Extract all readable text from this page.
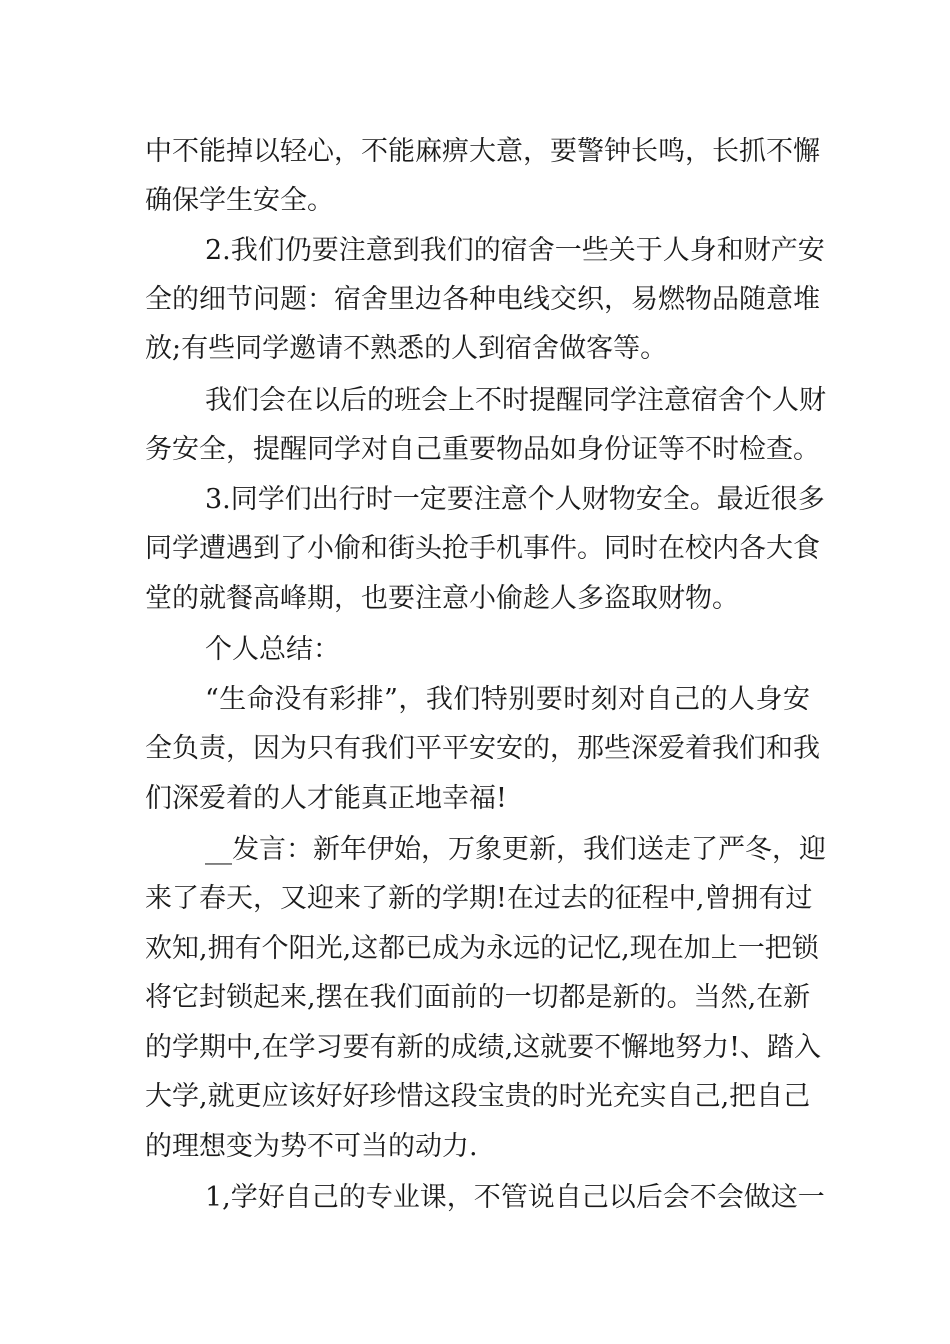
中不能掉以轻心，不能麻痹大意，要警钟长鸣，长抓不懈
确保学生安全。
2.我们仍要注意到我们的宿舍一些关于人身和财产安
全的细节问题：宿舍里边各种电线交织，易燃物品随意堆
放;有些同学邀请不熟悉的人到宿舍做客等。
我们会在以后的班会上不时提醒同学注意宿舍个人财
务安全，提醒同学对自己重要物品如身份证等不时检查。
3.同学们出行时一定要注意个人财物安全。最近很多
同学遭遇到了小偷和街头抢手机事件。同时在校内各大食
堂的就餐高峰期，也要注意小偷趁人多盗取财物。
个人总结：
“生命没有彩排”，我们特别要时刻对自己的人身安
全负责，因为只有我们平平安安的，那些深爱着我们和我
们深爱着的人才能真正地幸福!
__发言：新年伊始，万象更新，我们送走了严冬，迎
来了春天，又迎来了新的学期!在过去的征程中,曾拥有过
欢知,拥有个阳光,这都已成为永远的记忆,现在加上一把锁
将它封锁起来,摆在我们面前的一切都是新的。当然,在新
的学期中,在学习要有新的成绩,这就要不懈地努力!、踏入
大学,就更应该好好珍惜这段宝贵的时光充实自己,把自己
的理想变为势不可当的动力.
1,学好自己的专业课，不管说自己以后会不会做这一
